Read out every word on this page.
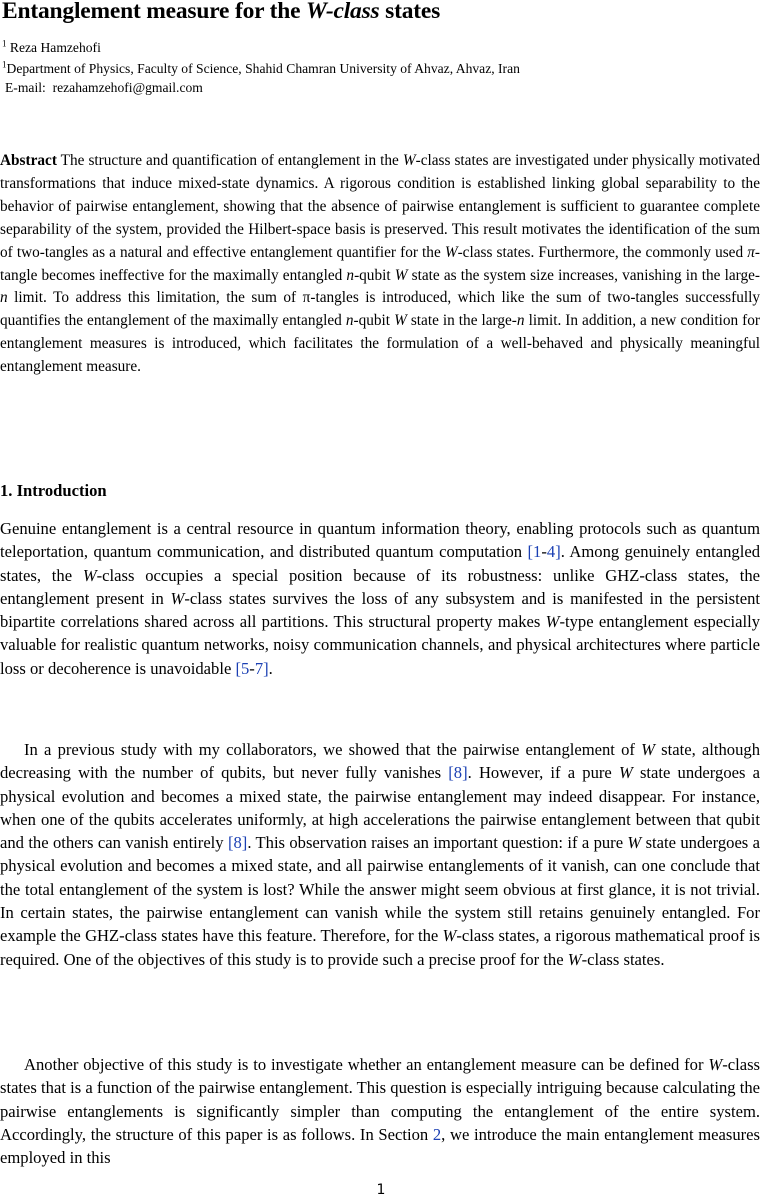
Entanglement measure for the W-class states
$^1$ Reza Hamzehofi
$^1$Department of Physics, Faculty of Science, Shahid Chamran University of Ahvaz, Ahvaz, Iran
E-mail: rezahamzehofi@gmail.com

Abstract The structure and quantification of entanglement in the W-class states are investigated under physically motivated transformations that induce mixed-state dynamics. A rigorous condition is established linking global separability to the behavior of pairwise entanglement, showing that the absence of pairwise entanglement is sufficient to guarantee complete separability of the system, provided the Hilbert-space basis is preserved. This result motivates the identification of the sum of two-tangles as a natural and effective entanglement quantifier for the W-class states. Furthermore, the commonly used π-tangle becomes ineffective for the maximally entangled n-qubit W state as the system size increases, vanishing in the large-n limit. To address this limitation, the sum of π-tangles is introduced, which like the sum of two-tangles successfully quantifies the entanglement of the maximally entangled n-qubit W state in the large-n limit. In addition, a new condition for entanglement measures is introduced, which facilitates the formulation of a well-behaved and physically meaningful entanglement measure.

1. Introduction

Genuine entanglement is a central resource in quantum information theory, enabling protocols such as quantum teleportation, quantum communication, and distributed quantum computation [1-4]. Among genuinely entangled states, the W-class occupies a special position because of its robustness: unlike GHZ-class states, the entanglement present in W-class states survives the loss of any subsystem and is manifested in the persistent bipartite correlations shared across all partitions. This structural property makes W-type entanglement especially valuable for realistic quantum networks, noisy communication channels, and physical architectures where particle loss or decoherence is unavoidable [5-7].

In a previous study with my collaborators, we showed that the pairwise entanglement of W state, although decreasing with the number of qubits, but never fully vanishes [8]. However, if a pure W state undergoes a physical evolution and becomes a mixed state, the pairwise entanglement may indeed disappear. For instance, when one of the qubits accelerates uniformly, at high accelerations the pairwise entanglement between that qubit and the others can vanish entirely [8]. This observation raises an important question: if a pure W state undergoes a physical evolution and becomes a mixed state, and all pairwise entanglements of it vanish, can one conclude that the total entanglement of the system is lost? While the answer might seem obvious at first glance, it is not trivial. In certain states, the pairwise entanglement can vanish while the system still retains genuinely entangled. For example the GHZ-class states have this feature. Therefore, for the W-class states, a rigorous mathematical proof is required. One of the objectives of this study is to provide such a precise proof for the W-class states.

Another objective of this study is to investigate whether an entanglement measure can be defined for W-class states that is a function of the pairwise entanglement. This question is especially intriguing because calculating the pairwise entanglements is significantly simpler than computing the entanglement of the entire system. Accordingly, the structure of this paper is as follows. In Section 2, we introduce the main entanglement measures employed in this

1
